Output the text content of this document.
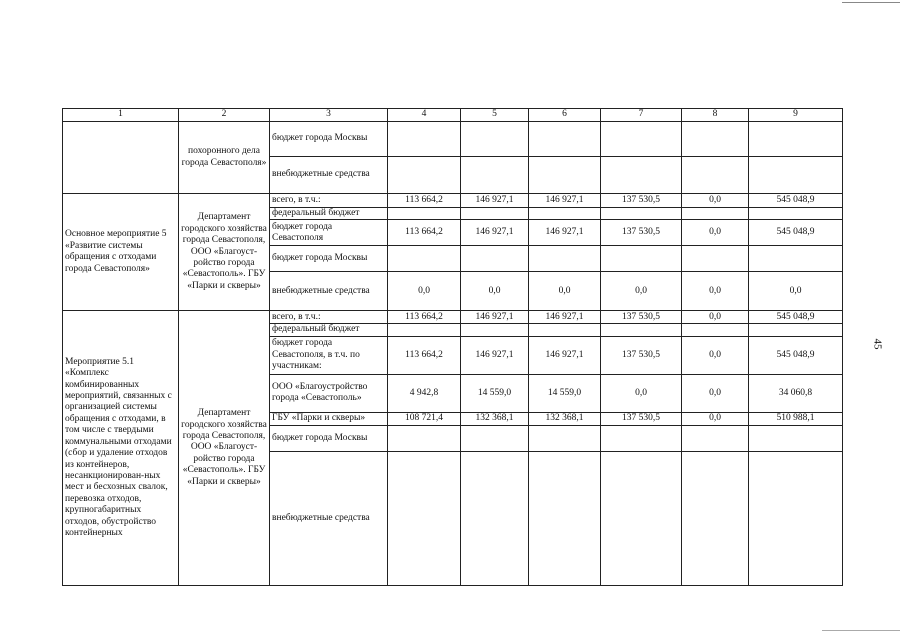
45
1	2	3	4	5	6	7	8	9
	похоронного дела города Севастополя»	бюджет города Москвы						
		внебюджетные средства						
Основное мероприятие 5 «Развитие системы обращения с отходами города Севастополя»	Департамент городского хозяйства города Севастополя, ООО «Благоуст-ройство города «Севастополь». ГБУ «Парки и скверы»	всего, в т.ч.:	113 664,2	146 927,1	146 927,1	137 530,5	0,0	545 048,9
		федеральный бюджет						
		бюджет города Севастополя	113 664,2	146 927,1	146 927,1	137 530,5	0,0	545 048,9
		бюджет города Москвы						
		внебюджетные средства	0,0	0,0	0,0	0,0	0,0	0,0
Мероприятие 5.1 «Комплекс комбинированных мероприятий, связанных с организацией системы обращения с отходами, в том числе с твердыми коммунальными отходами (сбор и удаление отходов из контейнеров, несанкционирован-ных мест и бесхозных свалок, перевозка отходов, крупногабаритных отходов, обустройство контейнерных	Департамент городского хозяйства города Севастополя, ООО «Благоуст-ройство города «Севастополь». ГБУ «Парки и скверы»	всего, в т.ч.:	113 664,2	146 927,1	146 927,1	137 530,5	0,0	545 048,9
		федеральный бюджет						
		бюджет города Севастополя, в т.ч. по участникам:	113 664,2	146 927,1	146 927,1	137 530,5	0,0	545 048,9
		ООО «Благоустройство города «Севастополь»	4 942,8	14 559,0	14 559,0	0,0	0,0	34 060,8
		ГБУ «Парки и скверы»	108 721,4	132 368,1	132 368,1	137 530,5	0,0	510 988,1
		бюджет города Москвы						
		внебюджетные средства						
